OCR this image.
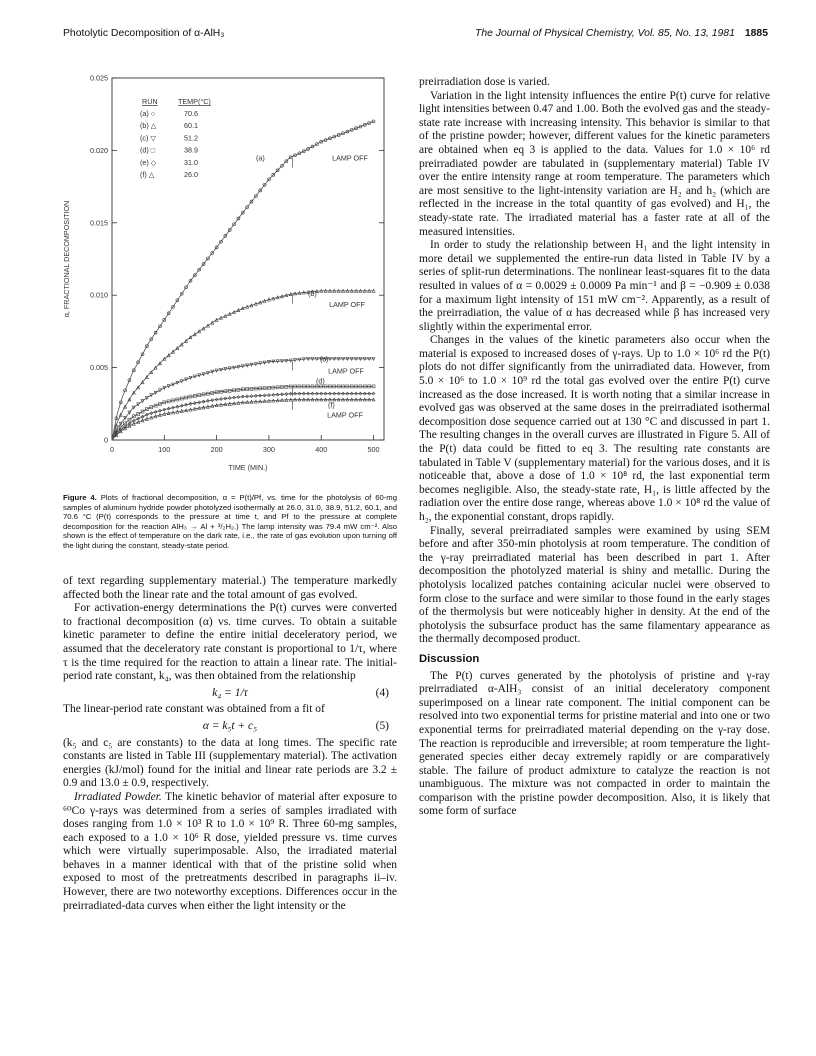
Photolytic Decomposition of α-AlH₃	The Journal of Physical Chemistry, Vol. 85, No. 13, 1981 1885
0	100	200	300	400	500
0
0.005
0.010
0.015
0.020
0.025
(a)	LAMP OFF
(b)
LAMP OFF
(c)
LAMP OFF
(d)
(f)
LAMP OFF
RUN	TEMP(°C)
(a) ○	70.6
(b) △	60.1
(c) ▽	51.2
(d) □	38.9
(e) ◇	31.0
(f) △	26.0
TIME (MIN.)
α, FRACTIONAL DECOMPOSITION
Figure 4. Plots of fractional decomposition, α = P(t)/Pf, vs. time for the photolysis of 60-mg samples of aluminum hydride powder photolyzed isothermally at 26.0, 31.0, 38.9, 51.2, 60.1, and 70.6 °C (P(t) corresponds to the pressure at time t, and Pf to the pressure at complete decomposition for the reaction AlH₃ → Al + ³/₂H₂.) The lamp intensity was 79.4 mW cm⁻². Also shown is the effect of temperature on the dark rate, i.e., the rate of gas evolution upon turning off the light during the constant, steady-state period.

of text regarding supplementary material.) The temperature markedly affected both the linear rate and the total amount of gas evolved.

For activation-energy determinations the P(t) curves were converted to fractional decomposition (α) vs. time curves. To obtain a suitable kinetic parameter to define the entire initial deceleratory period, we assumed that the deceleratory rate constant is proportional to 1/τ, where τ is the time required for the reaction to attain a linear rate. The initial-period rate constant, k₄, was then obtained from the relationship

k₄ = 1/τ	(4)

The linear-period rate constant was obtained from a fit of

α = k₅t + c₅	(5)

(k₅ and c₅ are constants) to the data at long times. The specific rate constants are listed in Table III (supplementary material). The activation energies (kJ/mol) found for the initial and linear rate periods are 3.2 ± 0.9 and 13.0 ± 0.9, respectively.

Irradiated Powder. The kinetic behavior of material after exposure to ⁶⁰Co γ-rays was determined from a series of samples irradiated with doses ranging from 1.0 × 10³ R to 1.0 × 10⁹ R. Three 60-mg samples, each exposed to a 1.0 × 10⁶ R dose, yielded pressure vs. time curves which were virtually superimposable. Also, the irradiated material behaves in a manner identical with that of the pristine solid when exposed to most of the pretreatments described in paragraphs ii–iv. However, there are two noteworthy exceptions. Differences occur in the preirradiated-data curves when either the light intensity or the

preirradiation dose is varied.

Variation in the light intensity influences the entire P(t) curve for relative light intensities between 0.47 and 1.00. Both the evolved gas and the steady-state rate increase with increasing intensity. This behavior is similar to that of the pristine powder; however, different values for the kinetic parameters are obtained when eq 3 is applied to the data. Values for 1.0 × 10⁶ rd preirradiated powder are tabulated in (supplementary material) Table IV over the entire intensity range at room temperature. The parameters which are most sensitive to the light-intensity variation are H₂ and h₂ (which are reflected in the increase in the total quantity of gas evolved) and H₁, the steady-state rate. The irradiated material has a faster rate at all of the measured intensities.

In order to study the relationship between H₁ and the light intensity in more detail we supplemented the entire-run data listed in Table IV by a series of split-run determinations. The nonlinear least-squares fit to the data resulted in values of α = 0.0029 ± 0.0009 Pa min⁻¹ and β = −0.909 ± 0.038 for a maximum light intensity of 151 mW cm⁻². Apparently, as a result of the preirradiation, the value of α has decreased while β has increased very slightly within the experimental error.

Changes in the values of the kinetic parameters also occur when the material is exposed to increased doses of γ-rays. Up to 1.0 × 10⁶ rd the P(t) plots do not differ significantly from the unirradiated data. However, from 5.0 × 10⁶ to 1.0 × 10⁹ rd the total gas evolved over the entire P(t) curve increased as the dose increased. It is worth noting that a similar increase in evolved gas was observed at the same doses in the preirradiated isothermal decomposition dose sequence carried out at 130 °C and discussed in part 1. The resulting changes in the overall curves are illustrated in Figure 5. All of the P(t) data could be fitted to eq 3. The resulting rate constants are tabulated in Table V (supplementary material) for the various doses, and it is noticeable that, above a dose of 1.0 × 10⁸ rd, the last exponential term becomes negligible. Also, the steady-state rate, H₁, is little affected by the radiation over the entire dose range, whereas above 1.0 × 10⁸ rd the value of h₂, the exponential constant, drops rapidly.

Finally, several preirradiated samples were examined by using SEM before and after 350-min photolysis at room temperature. The condition of the γ-ray preirradiated material has been described in part 1. After decomposition the photolyzed material is shiny and metallic. During the photolysis localized patches containing acicular nuclei were observed to form close to the surface and were similar to those found in the early stages of the thermolysis but were noticeably higher in density. At the end of the photolysis the subsurface product has the same filamentary appearance as the thermally decomposed product.

Discussion

The P(t) curves generated by the photolysis of pristine and γ-ray preirradiated α-AlH₃ consist of an initial deceleratory component superimposed on a linear rate component. The initial component can be resolved into two exponential terms for pristine material and into one or two exponential terms for preirradiated material depending on the γ-ray dose. The reaction is reproducible and irreversible; at room temperature the light-generated species either decay extremely rapidly or are comparatively stable. The failure of product admixture to catalyze the reaction is not unambiguous. The mixture was not compacted in order to maintain the comparison with the pristine powder decomposition. Also, it is likely that some form of surface
